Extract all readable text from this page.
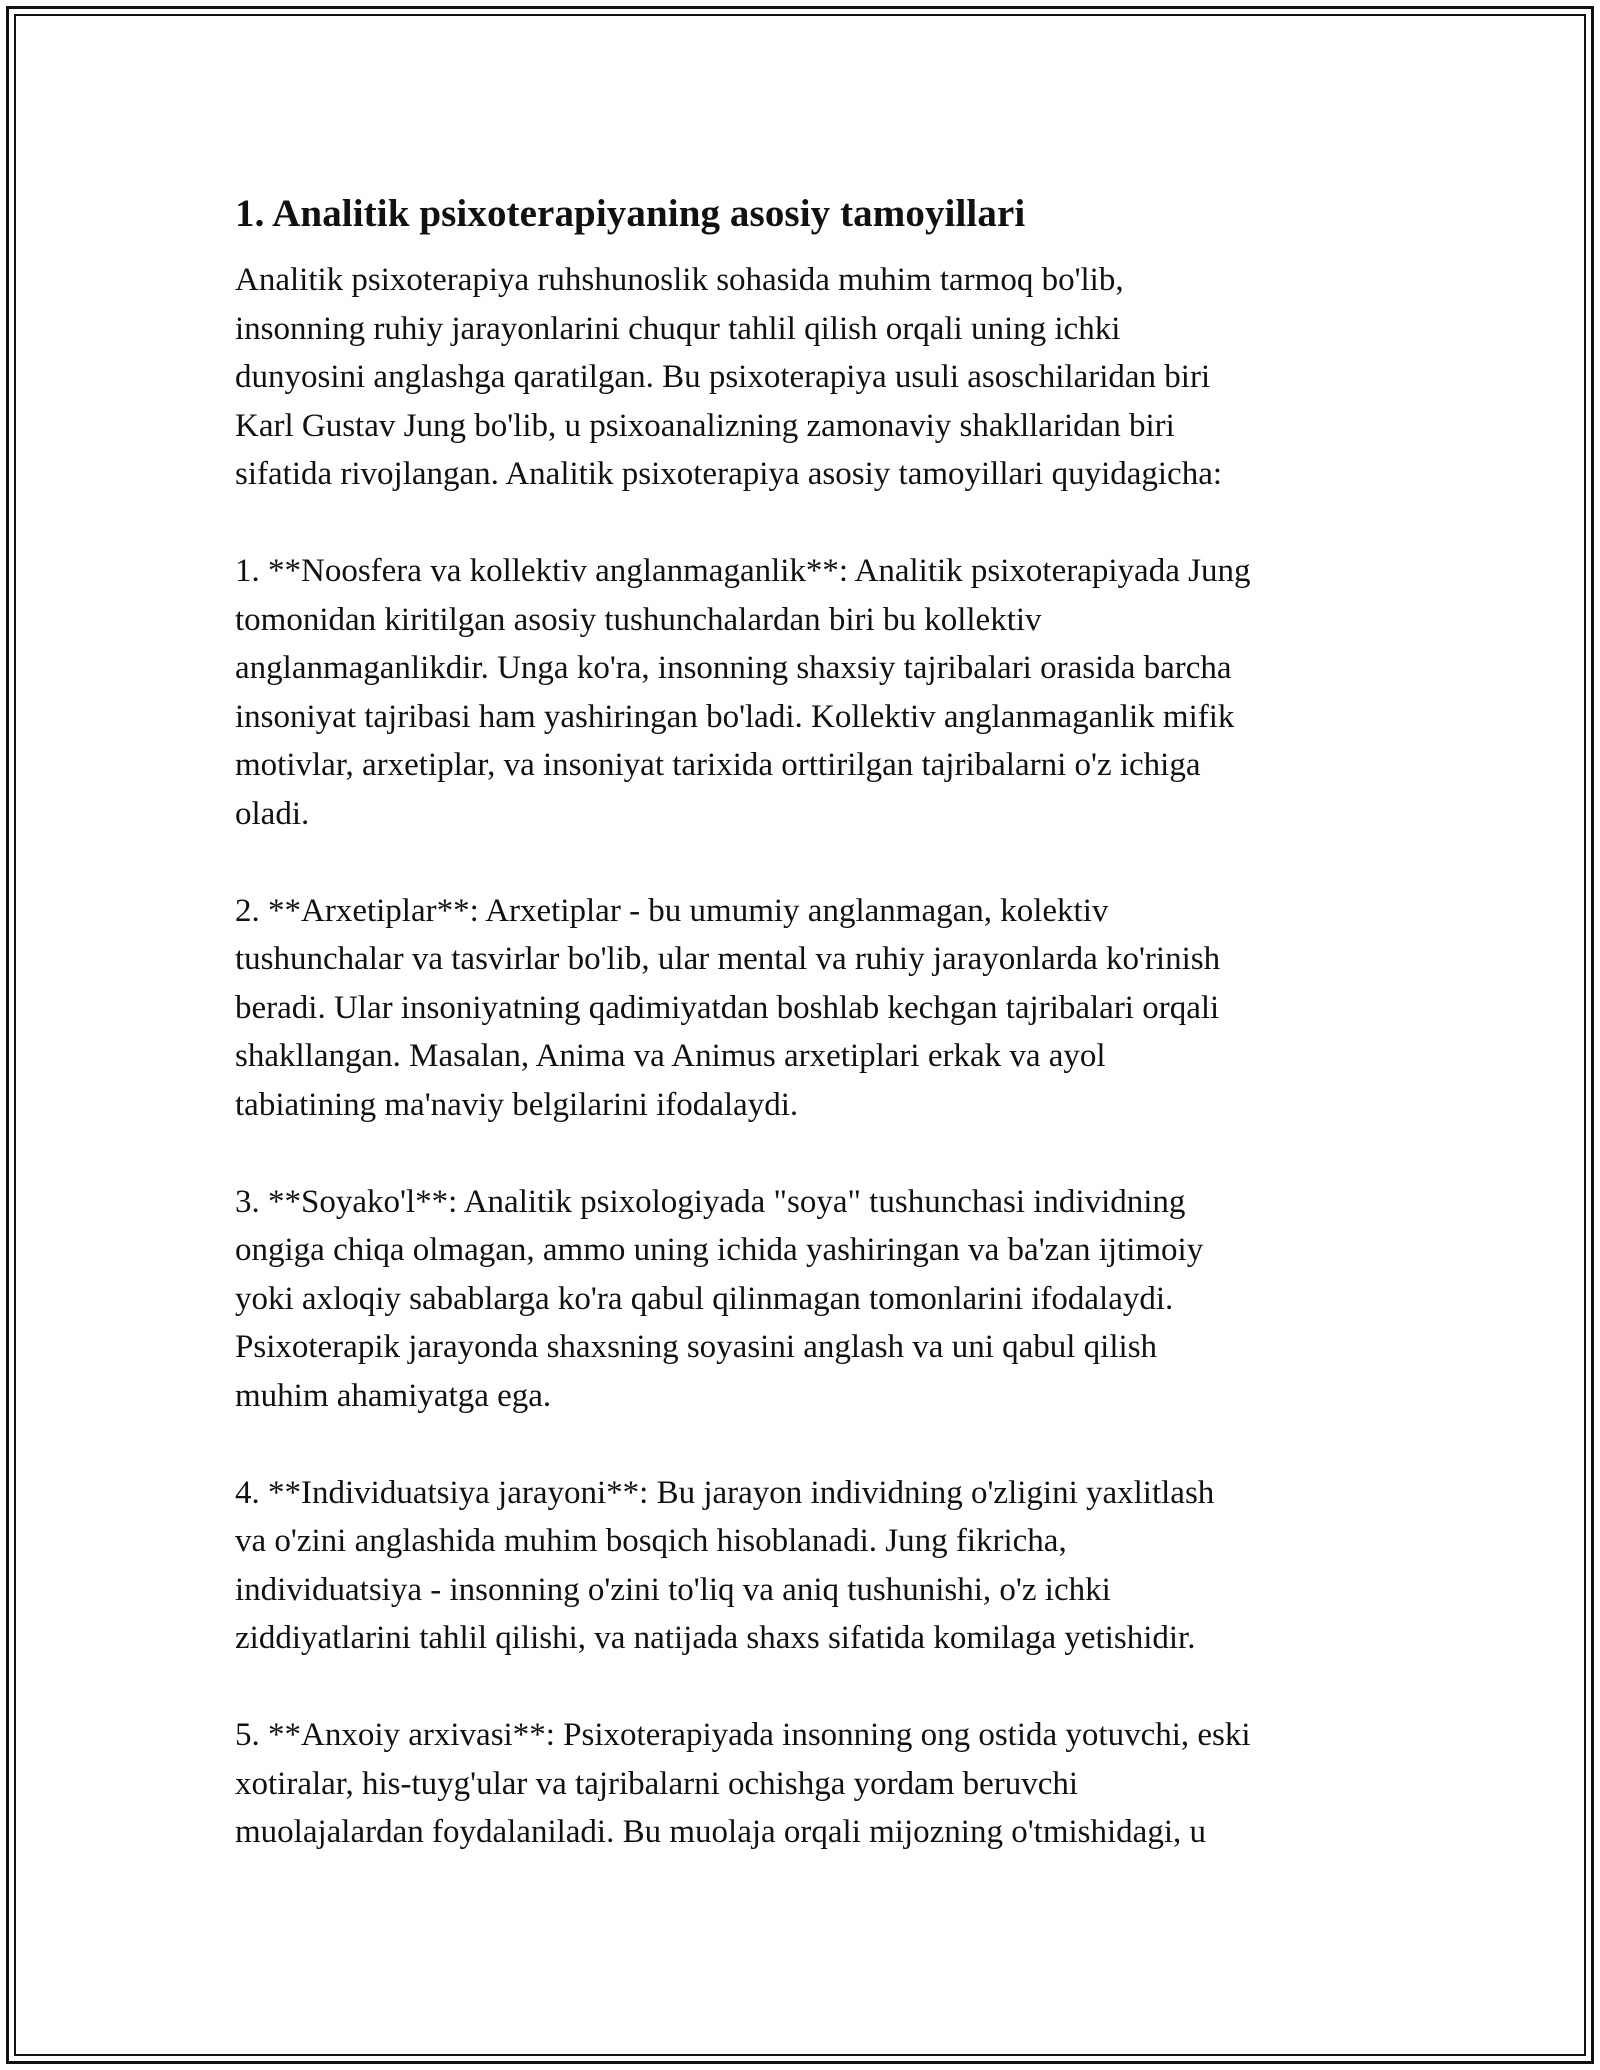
1. Analitik psixoterapiyaning asosiy tamoyillari

Analitik psixoterapiya ruhshunoslik sohasida muhim tarmoq bo'lib,
insonning ruhiy jarayonlarini chuqur tahlil qilish orqali uning ichki
dunyosini anglashga qaratilgan. Bu psixoterapiya usuli asoschilaridan biri
Karl Gustav Jung bo'lib, u psixoanalizning zamonaviy shakllaridan biri
sifatida rivojlangan. Analitik psixoterapiya asosiy tamoyillari quyidagicha:

1. **Noosfera va kollektiv anglanmaganlik**: Analitik psixoterapiyada Jung
tomonidan kiritilgan asosiy tushunchalardan biri bu kollektiv
anglanmaganlikdir. Unga ko'ra, insonning shaxsiy tajribalari orasida barcha
insoniyat tajribasi ham yashiringan bo'ladi. Kollektiv anglanmaganlik mifik
motivlar, arxetiplar, va insoniyat tarixida orttirilgan tajribalarni o'z ichiga
oladi.

2. **Arxetiplar**: Arxetiplar - bu umumiy anglanmagan, kolektiv
tushunchalar va tasvirlar bo'lib, ular mental va ruhiy jarayonlarda ko'rinish
beradi. Ular insoniyatning qadimiyatdan boshlab kechgan tajribalari orqali
shakllangan. Masalan, Anima va Animus arxetiplari erkak va ayol
tabiatining ma'naviy belgilarini ifodalaydi.

3. **Soyako'l**: Analitik psixologiyada "soya" tushunchasi individning
ongiga chiqa olmagan, ammo uning ichida yashiringan va ba'zan ijtimoiy
yoki axloqiy sabablarga ko'ra qabul qilinmagan tomonlarini ifodalaydi.
Psixoterapik jarayonda shaxsning soyasini anglash va uni qabul qilish
muhim ahamiyatga ega.

4. **Individuatsiya jarayoni**: Bu jarayon individning o'zligini yaxlitlash
va o'zini anglashida muhim bosqich hisoblanadi. Jung fikricha,
individuatsiya - insonning o'zini to'liq va aniq tushunishi, o'z ichki
ziddiyatlarini tahlil qilishi, va natijada shaxs sifatida komilaga yetishidir.

5. **Anxoiy arxivasi**: Psixoterapiyada insonning ong ostida yotuvchi, eski
xotiralar, his-tuyg'ular va tajribalarni ochishga yordam beruvchi
muolajalardan foydalaniladi. Bu muolaja orqali mijozning o'tmishidagi, u
